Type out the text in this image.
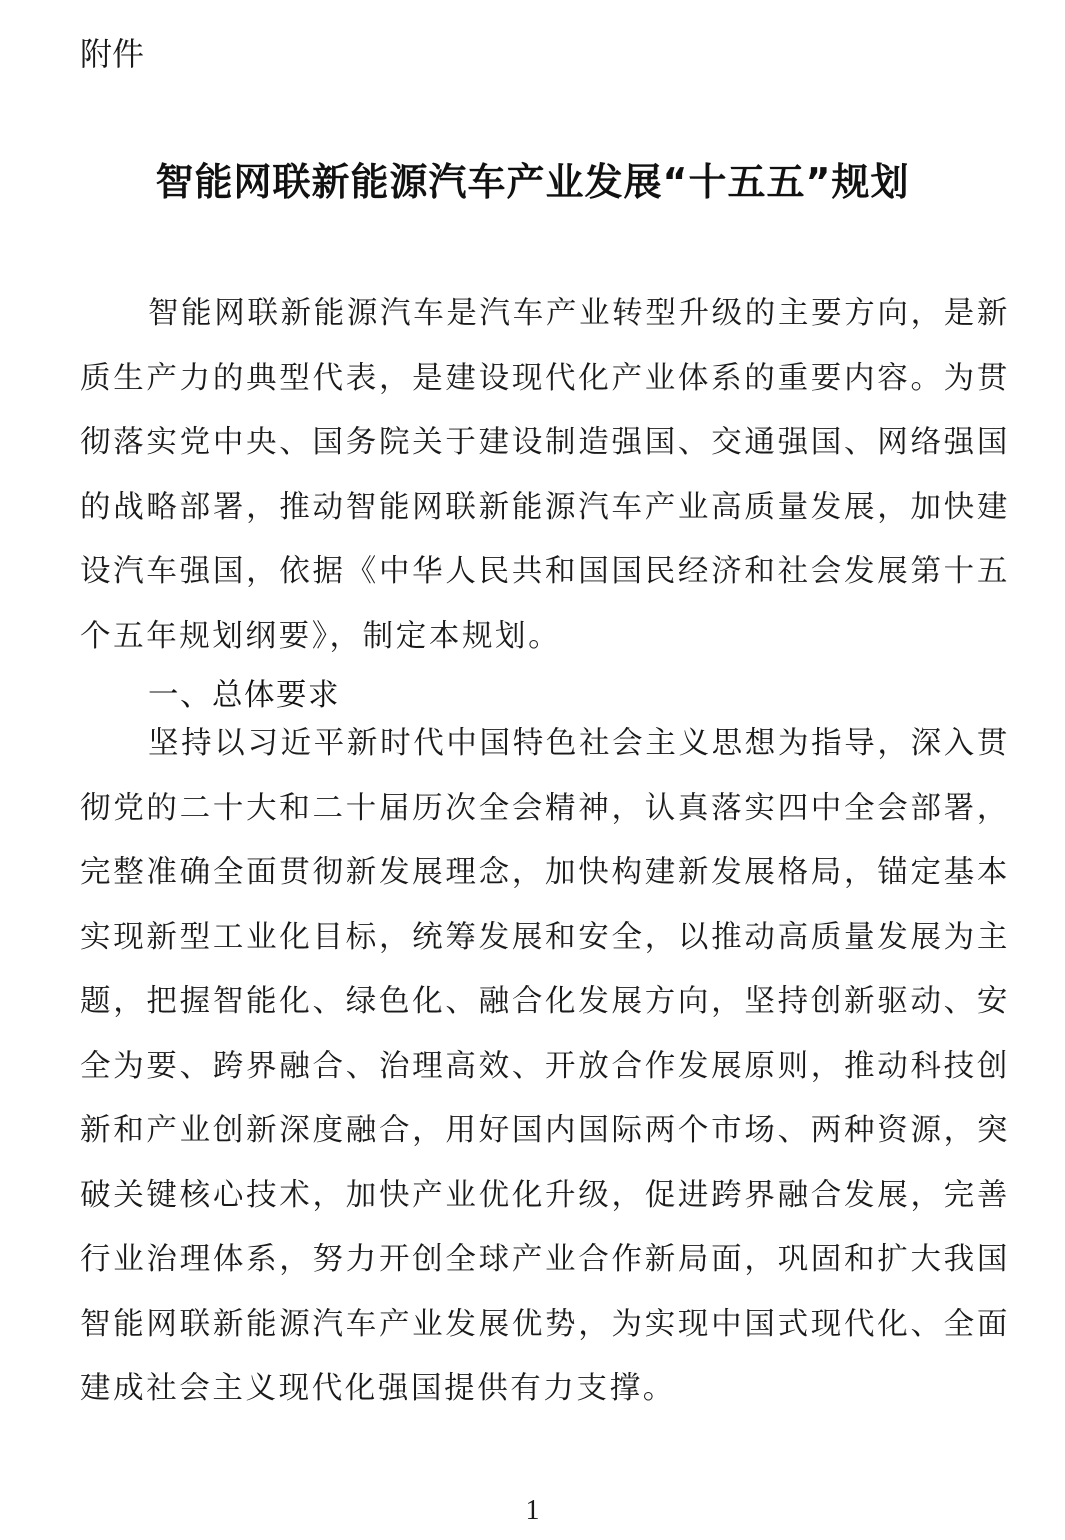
附件
智能网联新能源汽车产业发展“十五五”规划

智能网联新能源汽车是汽车产业转型升级的主要方向，是新质生产力的典型代表，是建设现代化产业体系的重要内容。为贯彻落实党中央、国务院关于建设制造强国、交通强国、网络强国的战略部署，推动智能网联新能源汽车产业高质量发展，加快建设汽车强国，依据《中华人民共和国国民经济和社会发展第十五个五年规划纲要》，制定本规划。

一、总体要求

坚持以习近平新时代中国特色社会主义思想为指导，深入贯彻党的二十大和二十届历次全会精神，认真落实四中全会部署，完整准确全面贯彻新发展理念，加快构建新发展格局，锚定基本实现新型工业化目标，统筹发展和安全，以推动高质量发展为主题，把握智能化、绿色化、融合化发展方向，坚持创新驱动、安全为要、跨界融合、治理高效、开放合作发展原则，推动科技创新和产业创新深度融合，用好国内国际两个市场、两种资源，突破关键核心技术，加快产业优化升级，促进跨界融合发展，完善行业治理体系，努力开创全球产业合作新局面，巩固和扩大我国智能网联新能源汽车产业发展优势，为实现中国式现代化、全面建成社会主义现代化强国提供有力支撑。

1
